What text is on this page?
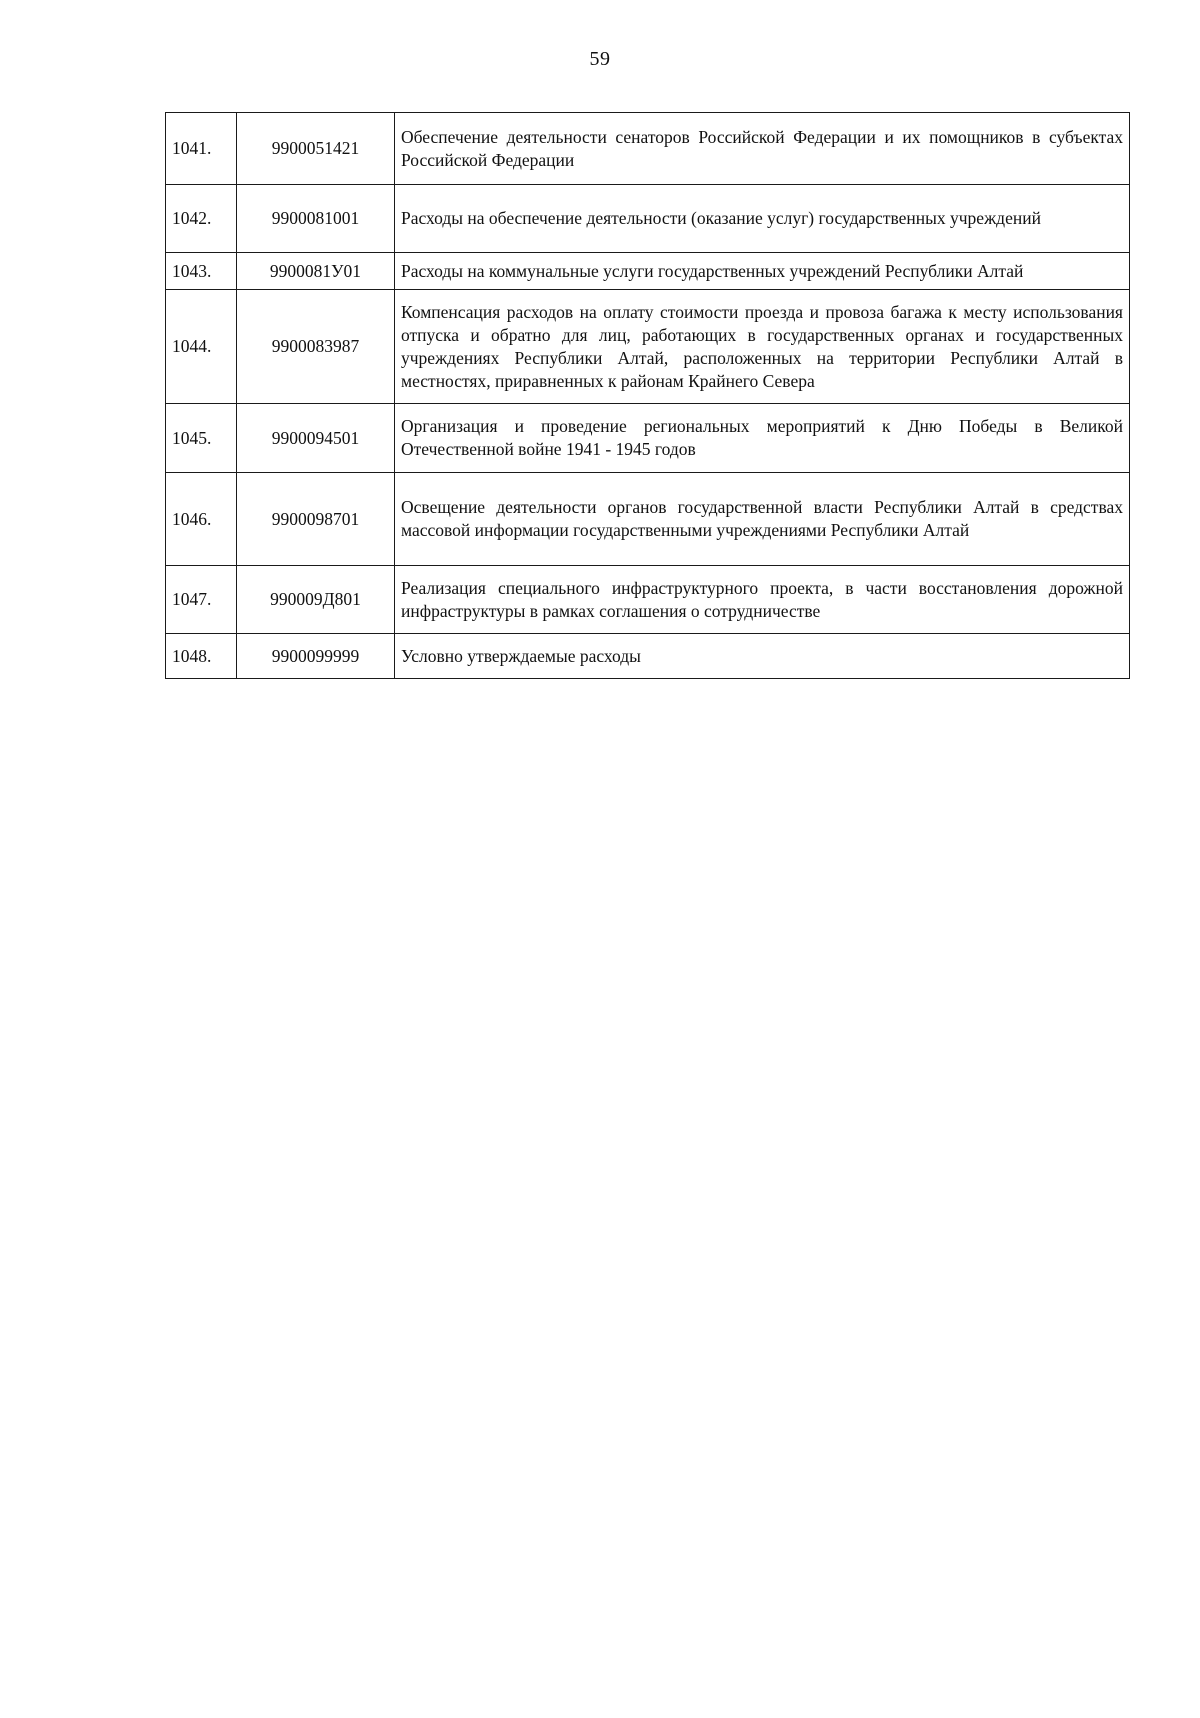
59
1041.	9900051421	Обеспечение деятельности сенаторов Российской Федерации и их помощников в субъектах Российской Федерации
1042.	9900081001	Расходы на обеспечение деятельности (оказание услуг) государственных учреждений
1043.	9900081У01	Расходы на коммунальные услуги государственных учреждений Республики Алтай
1044.	9900083987	Компенсация расходов на оплату стоимости проезда и провоза багажа к месту использования отпуска и обратно для лиц, работающих в государственных органах и государственных учреждениях Республики Алтай, расположенных на территории Республики Алтай в местностях, приравненных к районам Крайнего Севера
1045.	9900094501	Организация и проведение региональных мероприятий к Дню Победы в Великой Отечественной войне 1941 - 1945 годов
1046.	9900098701	Освещение деятельности органов государственной власти Республики Алтай в средствах массовой информации государственными учреждениями Республики Алтай
1047.	990009Д801	Реализация специального инфраструктурного проекта, в части восстановления дорожной инфраструктуры в рамках соглашения о сотрудничестве
1048.	9900099999	Условно утверждаемые расходы
